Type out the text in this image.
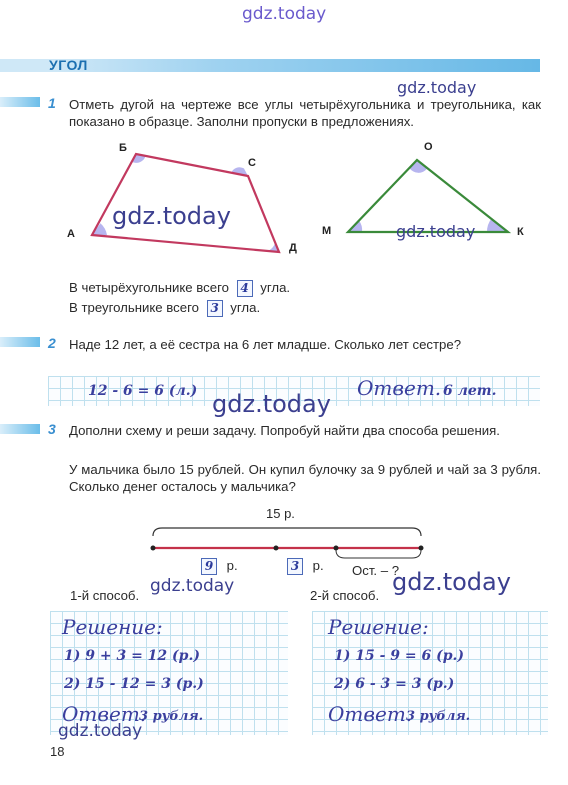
gdz.today
УГОЛ
gdz.today
1 Отметь дугой на чертеже все углы четырёхугольника и треугольника, как показано в образце. Заполни пропуски в предложениях.
А
Б
С
Д
О
М	К
gdz.today
gdz.today
В четырёхугольнике всего 4 угла.
В треугольнике всего 3 угла.
2 Наде 12 лет, а её сестра на 6 лет младше. Сколько лет сестре?
12 - 6 = 6 (л.)	Ответ. 6 лет.
gdz.today
3 Дополни схему и реши задачу. Попробуй найти два способа решения.
У мальчика было 15 рублей. Он купил булочку за 9 рублей и чай за 3 рубля. Сколько денег осталось у мальчика?
15 р.
9 р.	3 р. Ост. – ?
1-й способ.	2-й способ.
gdz.today	gdz.today
Решение:
1) 9 + 3 = 12 (р.)
2) 15 - 12 = 3 (р.)
Ответ.
3 рубля.
Решение:
1) 15 - 9 = 6 (р.)
2) 6 - 3 = 3 (р.)
Ответ.
3 рубля.
gdz.today
18
